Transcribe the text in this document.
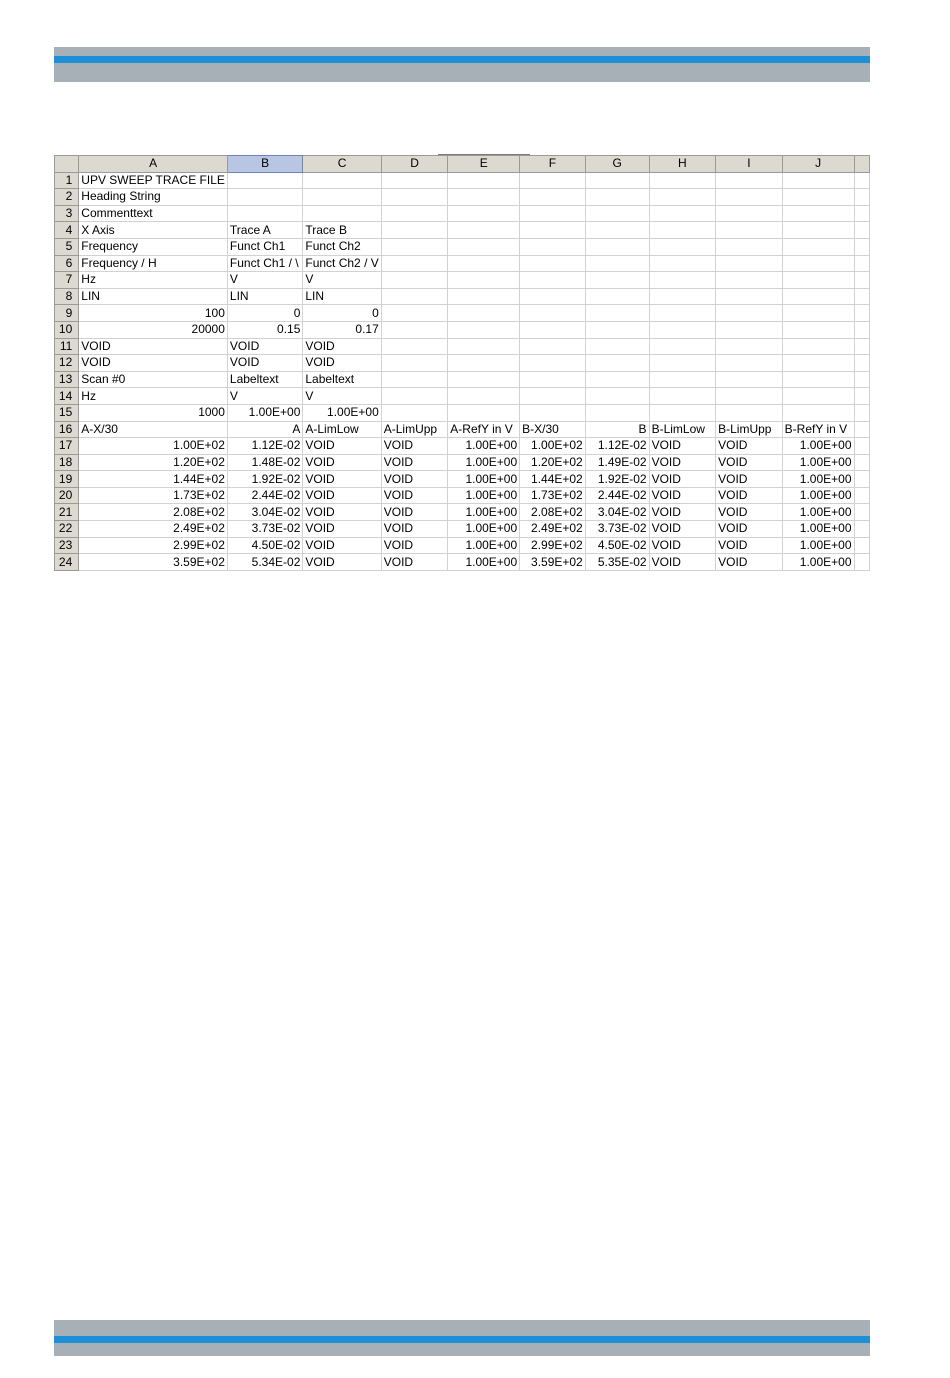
	A	B	C	D	E	F	G	H	I	J	
1	UPV SWEEP TRACE FILE										
2	Heading String										
3	Commenttext										
4	X Axis	Trace A	Trace B								
5	Frequency	Funct Ch1	Funct Ch2								
6	Frequency / H	Funct Ch1 / \	Funct Ch2 / V								
7	Hz	V	V								
8	LIN	LIN	LIN								
9	100	0	0								
10	20000	0.15	0.17								
11	VOID	VOID	VOID								
12	VOID	VOID	VOID								
13	Scan #0	Labeltext	Labeltext								
14	Hz	V	V								
15	1000	1.00E+00	1.00E+00								
16	A-X/30	A	A-LimLow	A-LimUpp	A-RefY in V	B-X/30	B	B-LimLow	B-LimUpp	B-RefY in V	
17	1.00E+02	1.12E-02	VOID	VOID	1.00E+00	1.00E+02	1.12E-02	VOID	VOID	1.00E+00	
18	1.20E+02	1.48E-02	VOID	VOID	1.00E+00	1.20E+02	1.49E-02	VOID	VOID	1.00E+00	
19	1.44E+02	1.92E-02	VOID	VOID	1.00E+00	1.44E+02	1.92E-02	VOID	VOID	1.00E+00	
20	1.73E+02	2.44E-02	VOID	VOID	1.00E+00	1.73E+02	2.44E-02	VOID	VOID	1.00E+00	
21	2.08E+02	3.04E-02	VOID	VOID	1.00E+00	2.08E+02	3.04E-02	VOID	VOID	1.00E+00	
22	2.49E+02	3.73E-02	VOID	VOID	1.00E+00	2.49E+02	3.73E-02	VOID	VOID	1.00E+00	
23	2.99E+02	4.50E-02	VOID	VOID	1.00E+00	2.99E+02	4.50E-02	VOID	VOID	1.00E+00	
24	3.59E+02	5.34E-02	VOID	VOID	1.00E+00	3.59E+02	5.35E-02	VOID	VOID	1.00E+00	
